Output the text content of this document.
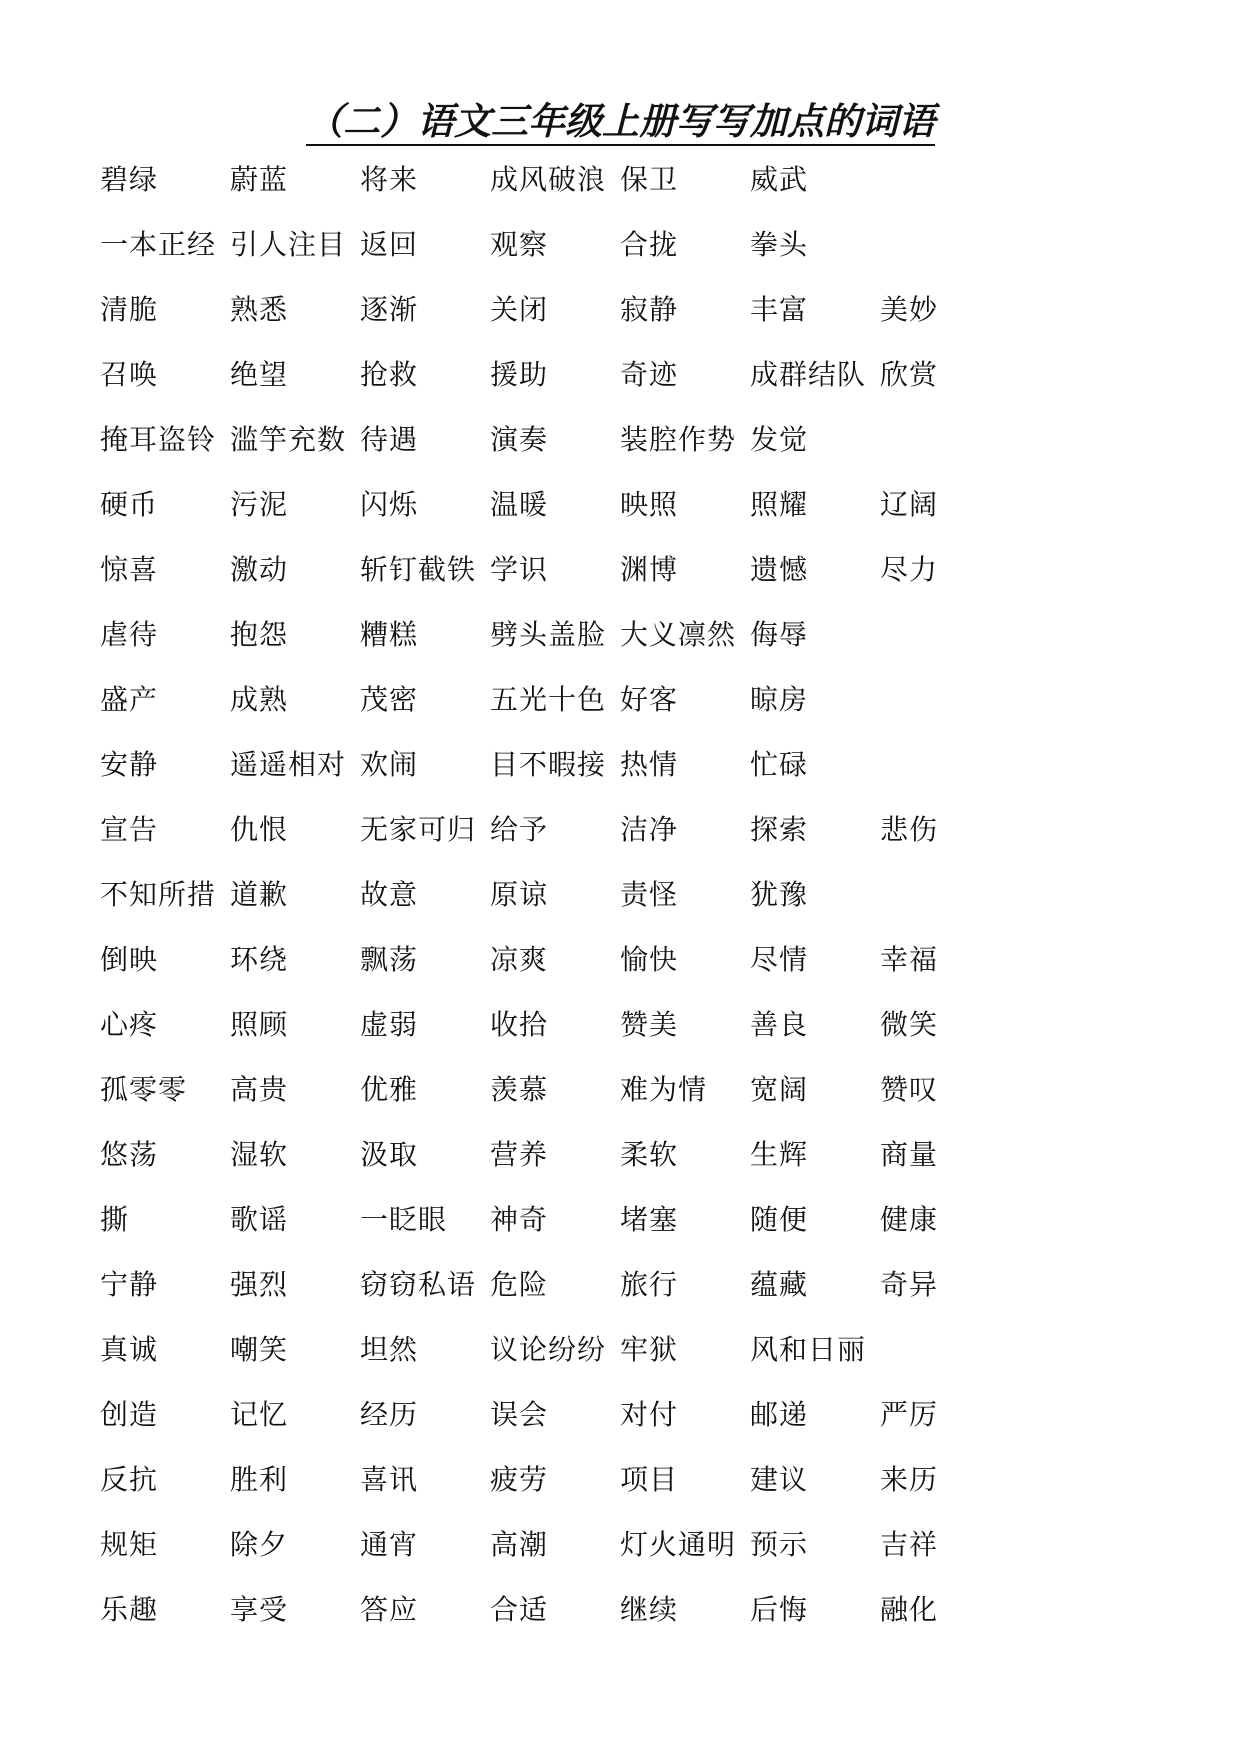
（二）语文三年级上册写写加点的词语
碧绿	蔚蓝	将来	成风破浪 保卫	威武
一本正经 引人注目 返回	观察	合拢	拳头
清脆	熟悉	逐渐	关闭	寂静	丰富	美妙
召唤	绝望	抢救	援助	奇迹	成群结队 欣赏
掩耳盗铃 滥竽充数 待遇	演奏	装腔作势 发觉
硬币	污泥	闪烁	温暖	映照	照耀	辽阔
惊喜	激动	斩钉截铁 学识	渊博	遗憾	尽力
虐待	抱怨	糟糕	劈头盖脸 大义凛然 侮辱
盛产	成熟	茂密	五光十色 好客	晾房
安静	遥遥相对 欢闹	目不暇接 热情	忙碌
宣告	仇恨	无家可归 给予	洁净	探索	悲伤
不知所措 道歉	故意	原谅	责怪	犹豫
倒映	环绕	飘荡	凉爽	愉快	尽情	幸福
心疼	照顾	虚弱	收拾	赞美	善良	微笑
孤零零 高贵	优雅	羡慕	难为情 宽阔	赞叹
悠荡	湿软	汲取	营养	柔软	生辉	商量
撕	歌谣	一眨眼 神奇	堵塞	随便	健康
宁静	强烈	窃窃私语 危险	旅行	蕴藏	奇异
真诚	嘲笑	坦然	议论纷纷 牢狱	风和日丽
创造	记忆	经历	误会	对付	邮递	严厉
反抗	胜利	喜讯	疲劳	项目	建议	来历
规矩	除夕	通宵	高潮	灯火通明 预示	吉祥
乐趣	享受	答应	合适	继续	后悔	融化
